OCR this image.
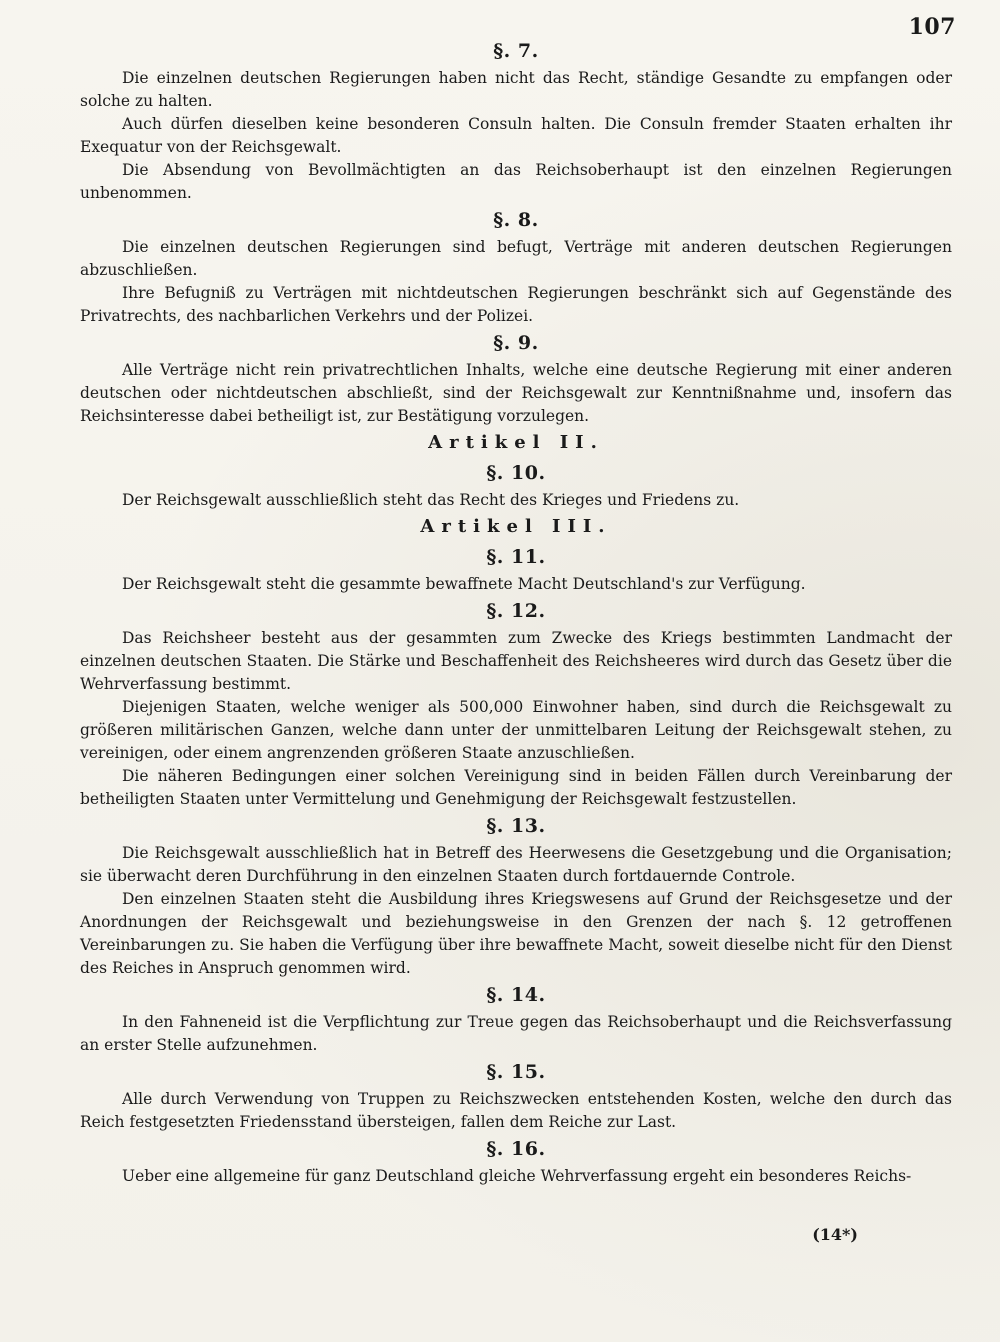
107
§. 7.

Die einzelnen deutschen Regierungen haben nicht das Recht, ständige Gesandte zu empfangen oder solche zu halten.

Auch dürfen dieselben keine besonderen Consuln halten. Die Consuln fremder Staaten erhalten ihr Exequatur von der Reichsgewalt.

Die Absendung von Bevollmächtigten an das Reichsoberhaupt ist den einzelnen Regierungen unbenommen.

§. 8.

Die einzelnen deutschen Regierungen sind befugt, Verträge mit anderen deutschen Regierungen abzuschließen.

Ihre Befugniß zu Verträgen mit nichtdeutschen Regierungen beschränkt sich auf Gegenstände des Privatrechts, des nachbarlichen Verkehrs und der Polizei.

§. 9.

Alle Verträge nicht rein privatrechtlichen Inhalts, welche eine deutsche Regierung mit einer anderen deutschen oder nichtdeutschen abschließt, sind der Reichsgewalt zur Kenntnißnahme und, insofern das Reichsinteresse dabei betheiligt ist, zur Bestätigung vorzulegen.

Artikel II.
§. 10.

Der Reichsgewalt ausschließlich steht das Recht des Krieges und Friedens zu.

Artikel III.
§. 11.

Der Reichsgewalt steht die gesammte bewaffnete Macht Deutschland's zur Verfügung.

§. 12.

Das Reichsheer besteht aus der gesammten zum Zwecke des Kriegs bestimmten Landmacht der einzelnen deutschen Staaten. Die Stärke und Beschaffenheit des Reichsheeres wird durch das Gesetz über die Wehrverfassung bestimmt.

Diejenigen Staaten, welche weniger als 500,000 Einwohner haben, sind durch die Reichsgewalt zu größeren militärischen Ganzen, welche dann unter der unmittelbaren Leitung der Reichsgewalt stehen, zu vereinigen, oder einem angrenzenden größeren Staate anzuschließen.

Die näheren Bedingungen einer solchen Vereinigung sind in beiden Fällen durch Vereinbarung der betheiligten Staaten unter Vermittelung und Genehmigung der Reichsgewalt festzustellen.

§. 13.

Die Reichsgewalt ausschließlich hat in Betreff des Heerwesens die Gesetzgebung und die Organisation; sie überwacht deren Durchführung in den einzelnen Staaten durch fortdauernde Controle.

Den einzelnen Staaten steht die Ausbildung ihres Kriegswesens auf Grund der Reichsgesetze und der Anordnungen der Reichsgewalt und beziehungsweise in den Grenzen der nach §. 12 getroffenen Vereinbarungen zu. Sie haben die Verfügung über ihre bewaffnete Macht, soweit dieselbe nicht für den Dienst des Reiches in Anspruch genommen wird.

§. 14.

In den Fahneneid ist die Verpflichtung zur Treue gegen das Reichsoberhaupt und die Reichsverfassung an erster Stelle aufzunehmen.

§. 15.

Alle durch Verwendung von Truppen zu Reichszwecken entstehenden Kosten, welche den durch das Reich festgesetzten Friedensstand übersteigen, fallen dem Reiche zur Last.

§. 16.

Ueber eine allgemeine für ganz Deutschland gleiche Wehrverfassung ergeht ein besonderes Reichs-

(14*)
